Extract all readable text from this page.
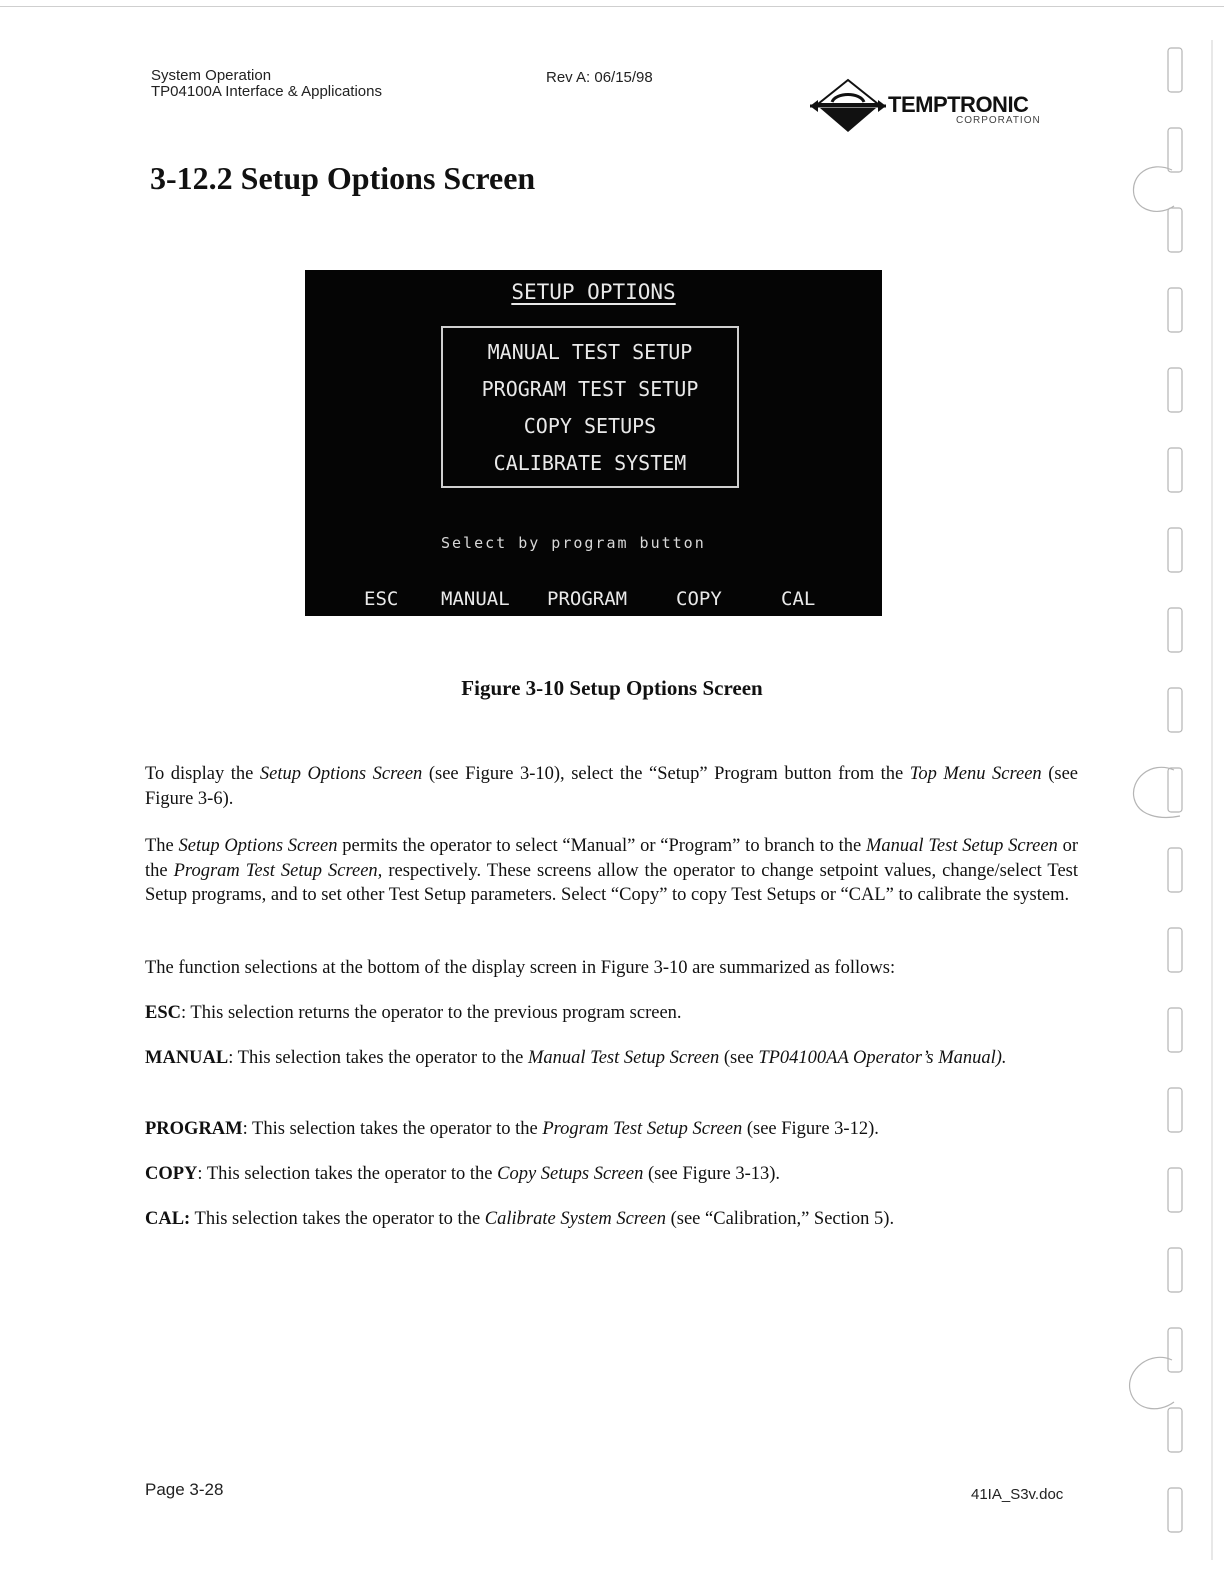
System Operation
TP04100A Interface & Applications
Rev A: 06/15/98
TEMPTRONIC
CORPORATION
3-12.2 Setup Options Screen
SETUP OPTIONS
MANUAL TEST SETUP
PROGRAM TEST SETUP
COPY SETUPS
CALIBRATE SYSTEM
Select by program button
ESC MANUAL PROGRAM	COPY	CAL
Figure 3-10 Setup Options Screen

To display the Setup Options Screen (see Figure 3-10), select the “Setup” Program button from the Top Menu Screen (see Figure 3-6).

The Setup Options Screen permits the operator to select “Manual” or “Program” to branch to the Manual Test Setup Screen or the Program Test Setup Screen, respectively. These screens allow the operator to change setpoint values, change/select Test Setup programs, and to set other Test Setup parameters. Select “Copy” to copy Test Setups or “CAL” to calibrate the system.

The function selections at the bottom of the display screen in Figure 3-10 are summarized as follows:

ESC: This selection returns the operator to the previous program screen.

MANUAL: This selection takes the operator to the Manual Test Setup Screen (see TP04100AA Operator’s Manual).

PROGRAM: This selection takes the operator to the Program Test Setup Screen (see Figure 3-12).

COPY: This selection takes the operator to the Copy Setups Screen (see Figure 3-13).

CAL: This selection takes the operator to the Calibrate System Screen (see “Calibration,” Section 5).

Page 3-28	41IA_S3v.doc
